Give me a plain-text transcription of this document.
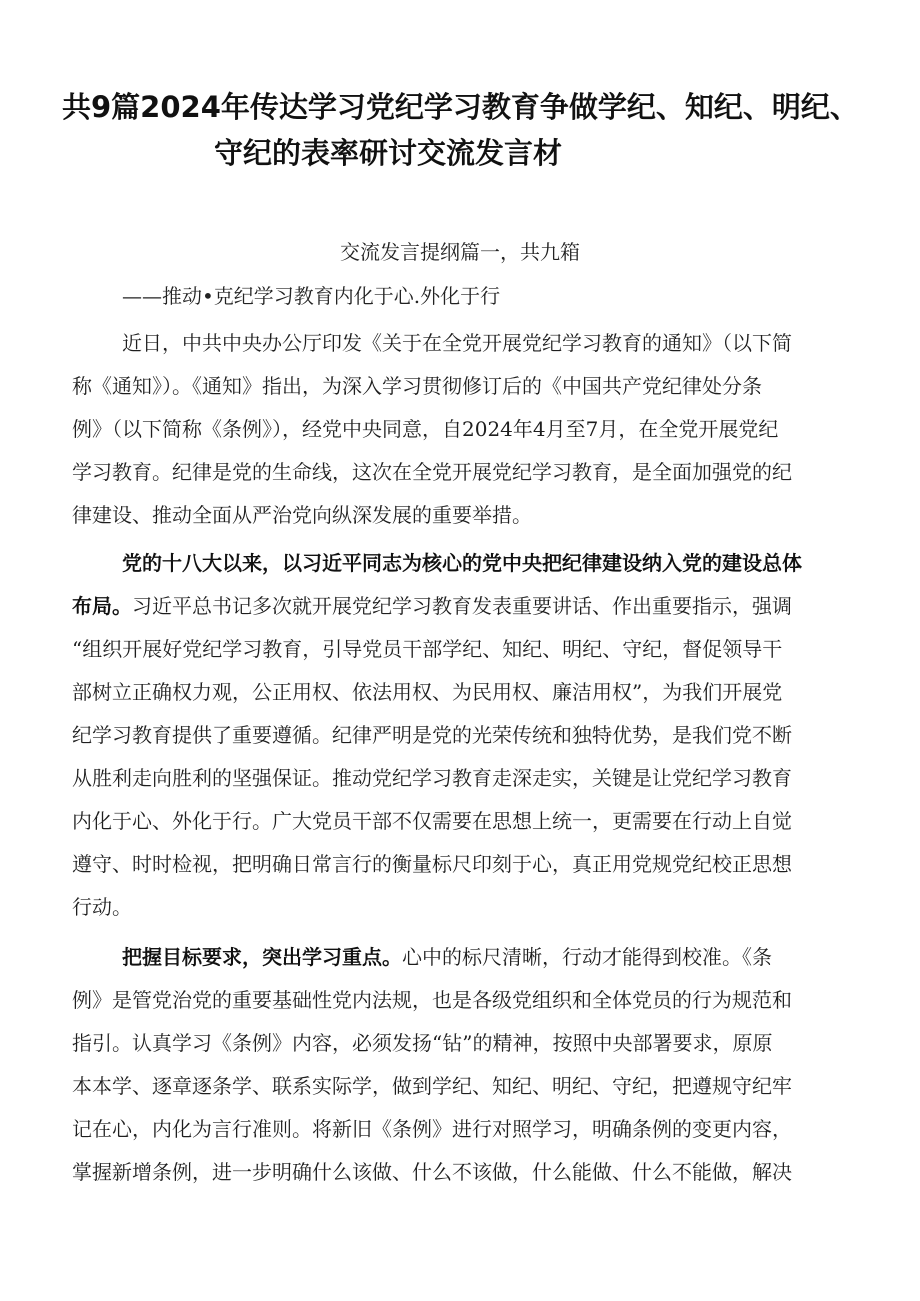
共9篇2024年传达学习党纪学习教育争做学纪、知纪、明纪、
守纪的表率研讨交流发言材
交流发言提纲篇一，共九箱
——推动•克纪学习教育内化于心.外化于行
近日，中共中央办公厅印发《关于在全党开展党纪学习教育的通知》（以下简
称《通知》）。《通知》指出，为深入学习贯彻修订后的《中国共产党纪律处分条
例》（以下简称《条例》），经党中央同意，自2024年4月至7月，在全党开展党纪
学习教育。纪律是党的生命线，这次在全党开展党纪学习教育，是全面加强党的纪
律建设、推动全面从严治党向纵深发展的重要举措。
党的十八大以来，以习近平同志为核心的党中央把纪律建设纳入党的建设总体
布局。习近平总书记多次就开展党纪学习教育发表重要讲话、作出重要指示，强调
“组织开展好党纪学习教育，引导党员干部学纪、知纪、明纪、守纪，督促领导干
部树立正确权力观，公正用权、依法用权、为民用权、廉洁用权”，为我们开展党
纪学习教育提供了重要遵循。纪律严明是党的光荣传统和独特优势，是我们党不断
从胜利走向胜利的坚强保证。推动党纪学习教育走深走实，关键是让党纪学习教育
内化于心、外化于行。广大党员干部不仅需要在思想上统一，更需要在行动上自觉
遵守、时时检视，把明确日常言行的衡量标尺印刻于心，真正用党规党纪校正思想
行动。
把握目标要求，突出学习重点。心中的标尺清晰，行动才能得到校准。《条
例》是管党治党的重要基础性党内法规，也是各级党组织和全体党员的行为规范和
指引。认真学习《条例》内容，必须发扬“钻”的精神，按照中央部署要求，原原
本本学、逐章逐条学、联系实际学，做到学纪、知纪、明纪、守纪，把遵规守纪牢
记在心，内化为言行准则。将新旧《条例》进行对照学习，明确条例的变更内容，
掌握新增条例，进一步明确什么该做、什么不该做，什么能做、什么不能做，解决
